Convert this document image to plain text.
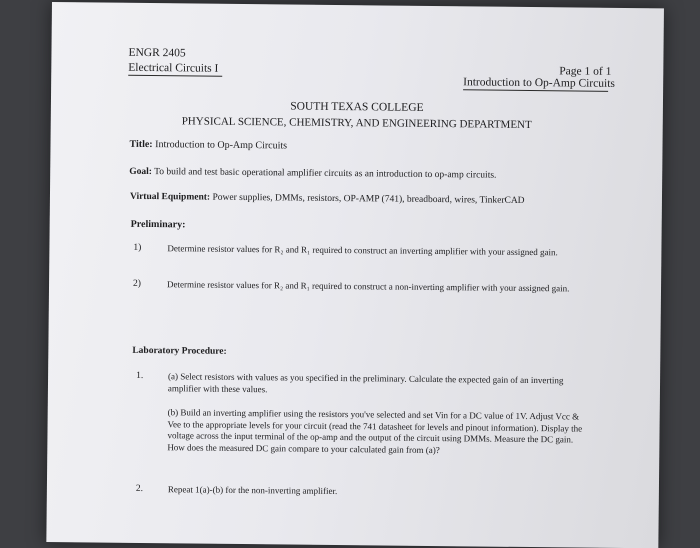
ENGR 2405
Electrical Circuits I	Page 1 of 1
Introduction to Op-Amp Circuits
SOUTH TEXAS COLLEGE
PHYSICAL SCIENCE, CHEMISTRY, AND ENGINEERING DEPARTMENT
Title: Introduction to Op-Amp Circuits
Goal: To build and test basic operational amplifier circuits as an introduction to op-amp circuits.
Virtual Equipment: Power supplies, DMMs, resistors, OP-AMP (741), breadboard, wires, TinkerCAD
Preliminary:
1)	Determine resistor values for R₂ and R₁ required to construct an inverting amplifier with your assigned gain.
2)	Determine resistor values for R₂ and R₁ required to construct a non-inverting amplifier with your assigned gain.
Laboratory Procedure:
1.	(a) Select resistors with values as you specified in the preliminary. Calculate the expected gain of an inverting amplifier with these values.
(b) Build an inverting amplifier using the resistors you've selected and set Vin for a DC value of 1V. Adjust Vcc & Vee to the appropriate levels for your circuit (read the 741 datasheet for levels and pinout information). Display the voltage across the input terminal of the op-amp and the output of the circuit using DMMs. Measure the DC gain. How does the measured DC gain compare to your calculated gain from (a)?
2.	Repeat 1(a)-(b) for the non-inverting amplifier.
